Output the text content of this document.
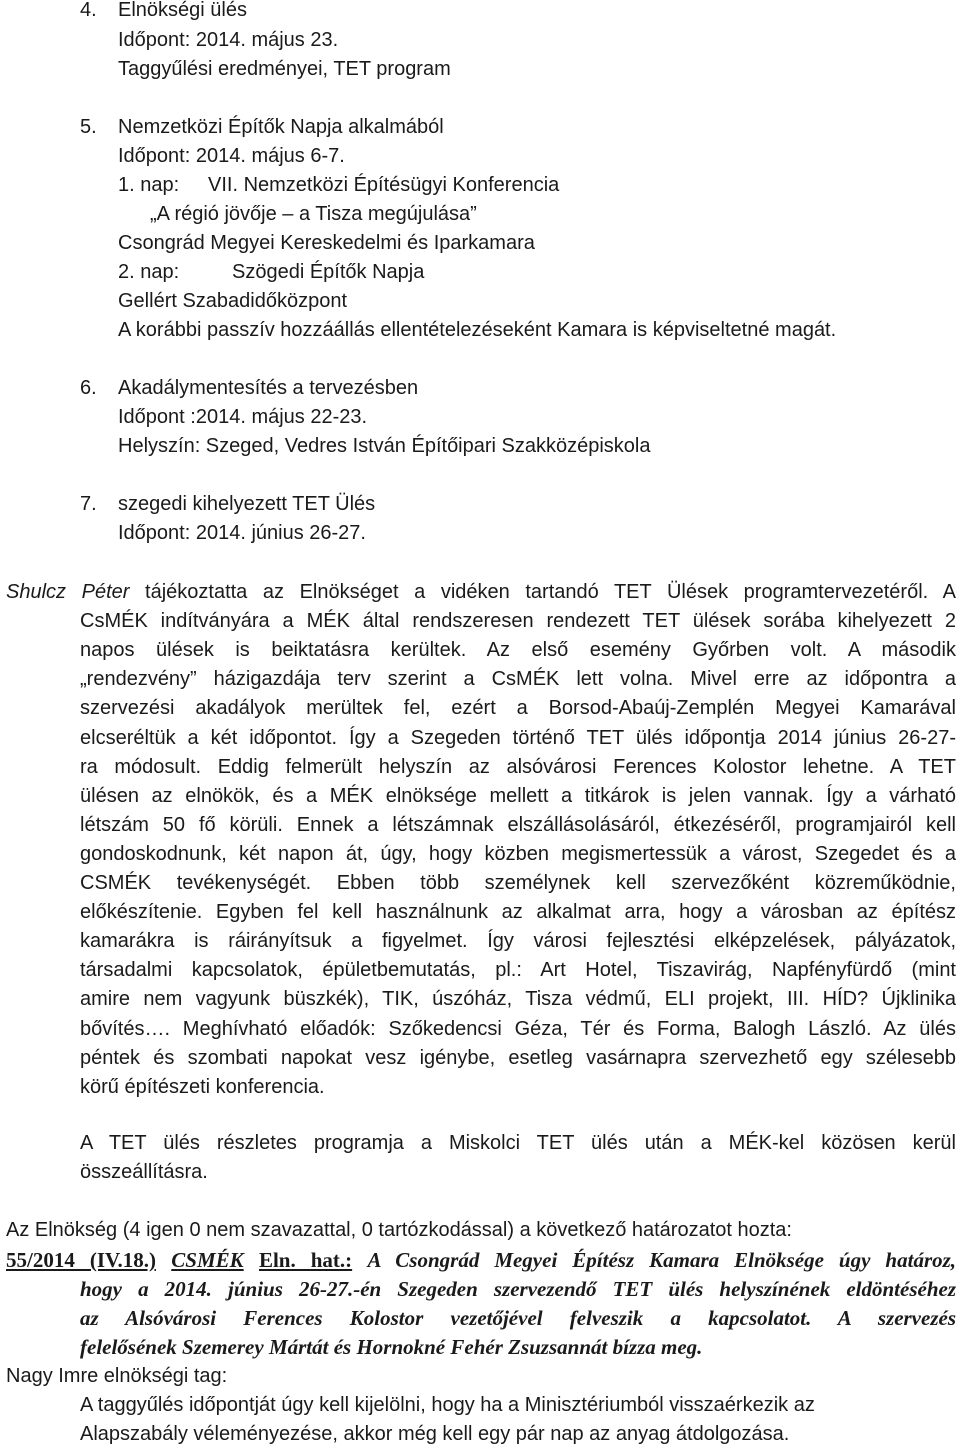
4. Elnökségi ülés
Időpont: 2014. május 23.
Taggyűlési eredményei, TET program
5. Nemzetközi Építők Napja alkalmából
Időpont: 2014. május 6-7.
1. nap: VII. Nemzetközi Építésügyi Konferencia
„A régió jövője – a Tisza megújulása”
Csongrád Megyei Kereskedelmi és Iparkamara
2. nap:	Szögedi Építők Napja
Gellért Szabadidőközpont
A korábbi passzív hozzáállás ellentételezéseként Kamara is képviseltetné magát.
6. Akadálymentesítés a tervezésben
Időpont :2014. május 22-23.
Helyszín: Szeged, Vedres István Építőipari Szakközépiskola
7. szegedi kihelyezett TET Ülés
Időpont: 2014. június 26-27.
Shulcz Péter tájékoztatta az Elnökséget a vidéken tartandó TET Ülések programtervezetéről. A
CsMÉK indítványára a MÉK által rendszeresen rendezett TET ülések sorába kihelyezett 2
napos ülések is beiktatásra kerültek. Az első esemény Győrben volt. A második
„rendezvény” házigazdája terv szerint a CsMÉK lett volna. Mivel erre az időpontra a
szervezési akadályok merültek fel, ezért a Borsod-Abaúj-Zemplén Megyei Kamarával
elcseréltük a két időpontot. Így a Szegeden történő TET ülés időpontja 2014 június 26-27-
ra módosult. Eddig felmerült helyszín az alsóvárosi Ferences Kolostor lehetne. A TET
ülésen az elnökök, és a MÉK elnöksége mellett a titkárok is jelen vannak. Így a várható
létszám 50 fő körüli. Ennek a létszámnak elszállásolásáról, étkezéséről, programjairól kell
gondoskodnunk, két napon át, úgy, hogy közben megismertessük a várost, Szegedet és a
CSMÉK tevékenységét. Ebben több személynek kell szervezőként közreműködnie,
előkészítenie. Egyben fel kell használnunk az alkalmat arra, hogy a városban az építész
kamarákra is ráirányítsuk a figyelmet. Így városi fejlesztési elképzelések, pályázatok,
társadalmi kapcsolatok, épületbemutatás, pl.: Art Hotel, Tiszavirág, Napfényfürdő (mint
amire nem vagyunk büszkék), TIK, úszóház, Tisza védmű, ELI projekt, III. HÍD? Újklinika
bővítés…. Meghívható előadók: Szőkedencsi Géza, Tér és Forma, Balogh László. Az ülés
péntek és szombati napokat vesz igénybe, esetleg vasárnapra szervezhető egy szélesebb
körű építészeti konferencia.
A TET ülés részletes programja a Miskolci TET ülés után a MÉK-kel közösen kerül
összeállításra.
Az Elnökség (4 igen 0 nem szavazattal, 0 tartózkodással) a következő határozatot hozta:
55/2014 (IV.18.) CSMÉK Eln. hat.: A Csongrád Megyei Építész Kamara Elnöksége úgy határoz,
hogy a 2014. június 26-27.-én Szegeden szervezendő TET ülés helyszínének eldöntéséhez
az Alsóvárosi Ferences Kolostor vezetőjével felveszik a kapcsolatot. A szervezés
felelősének Szemerey Mártát és Hornokné Fehér Zsuzsannát bízza meg.
Nagy Imre elnökségi tag:
A taggyűlés időpontját úgy kell kijelölni, hogy ha a Minisztériumból visszaérkezik az
Alapszabály véleményezése, akkor még kell egy pár nap az anyag átdolgozása.
